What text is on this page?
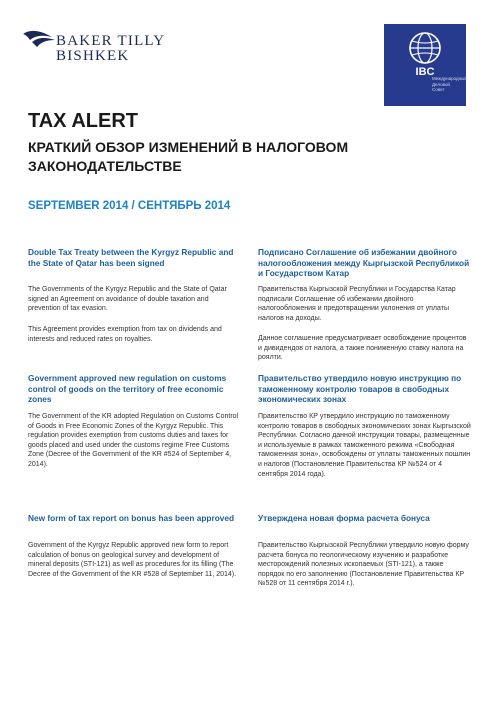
BAKER TILLY
BISHKEK
IBC
Международный
Деловой
Совет
TAX ALERT
КРАТКИЙ ОБЗОР ИЗМЕНЕНИЙ В НАЛОГОВОМ ЗАКОНОДАТЕЛЬСТВЕ
SEPTEMBER 2014 / СЕНТЯБРЬ 2014
Double Tax Treaty between the Kyrgyz Republic and the State of Qatar has been signed
The Governments of the Kyrgyz Republic and the State of Qatar signed an Agreement on avoidance of double taxation and prevention of tax evasion.
This Agreement provides exemption from tax on dividends and interests and reduced rates on royalties.
Government approved new regulation on customs control of goods on the territory of free economic zones
The Government of the KR adopted Regulation on Customs Control of Goods in Free Economic Zones of the Kyrgyz Republic. This regulation provides exemption from customs duties and taxes for goods placed and used under the customs regime Free Customs Zone (Decree of the Government of the KR #524 of September 4, 2014).
New form of tax report on bonus has been approved
Government of the Kyrgyz Republic approved new form to report calculation of bonus on geological survey and development of mineral deposits (STI-121) as well as procedures for its filling (The Decree of the Government of the KR #528 of September 11, 2014).
Подписано Соглашение об избежании двойного налогообложения между Кыргызской Республикой и Государством Катар
Правительства Кыргызской Республики и Государства Катар подписали Соглашение об избежании двойного налогообложения и предотвращении уклонения от уплаты налогов на доходы.
Данное соглашение предусматривает освобождение процентов и дивидендов от налога, а также пониженную ставку налога на роялти.
Правительство утвердило новую инструкцию по таможенному контролю товаров в свободных экономических зонах
Правительство КР утвердило инструкцию по таможенному контролю товаров в свободных экономических зонах Кыргызской Республики. Согласно данной инструкции товары, размещенные и используемые в рамках таможенного режима «Свободная таможенная зона», освобождены от уплаты таможенных пошлин и налогов (Постановление Правительства КР №524 от 4 сентября 2014 года).
Утверждена новая форма расчета бонуса
Правительство Кыргызской Республики утвердило новую форму расчета бонуса по геологическому изучению и разработке месторождений полезных ископаемых (STI-121), а также порядок по его заполнению (Постановление Правительства КР №528 от 11 сентября 2014 г.).
